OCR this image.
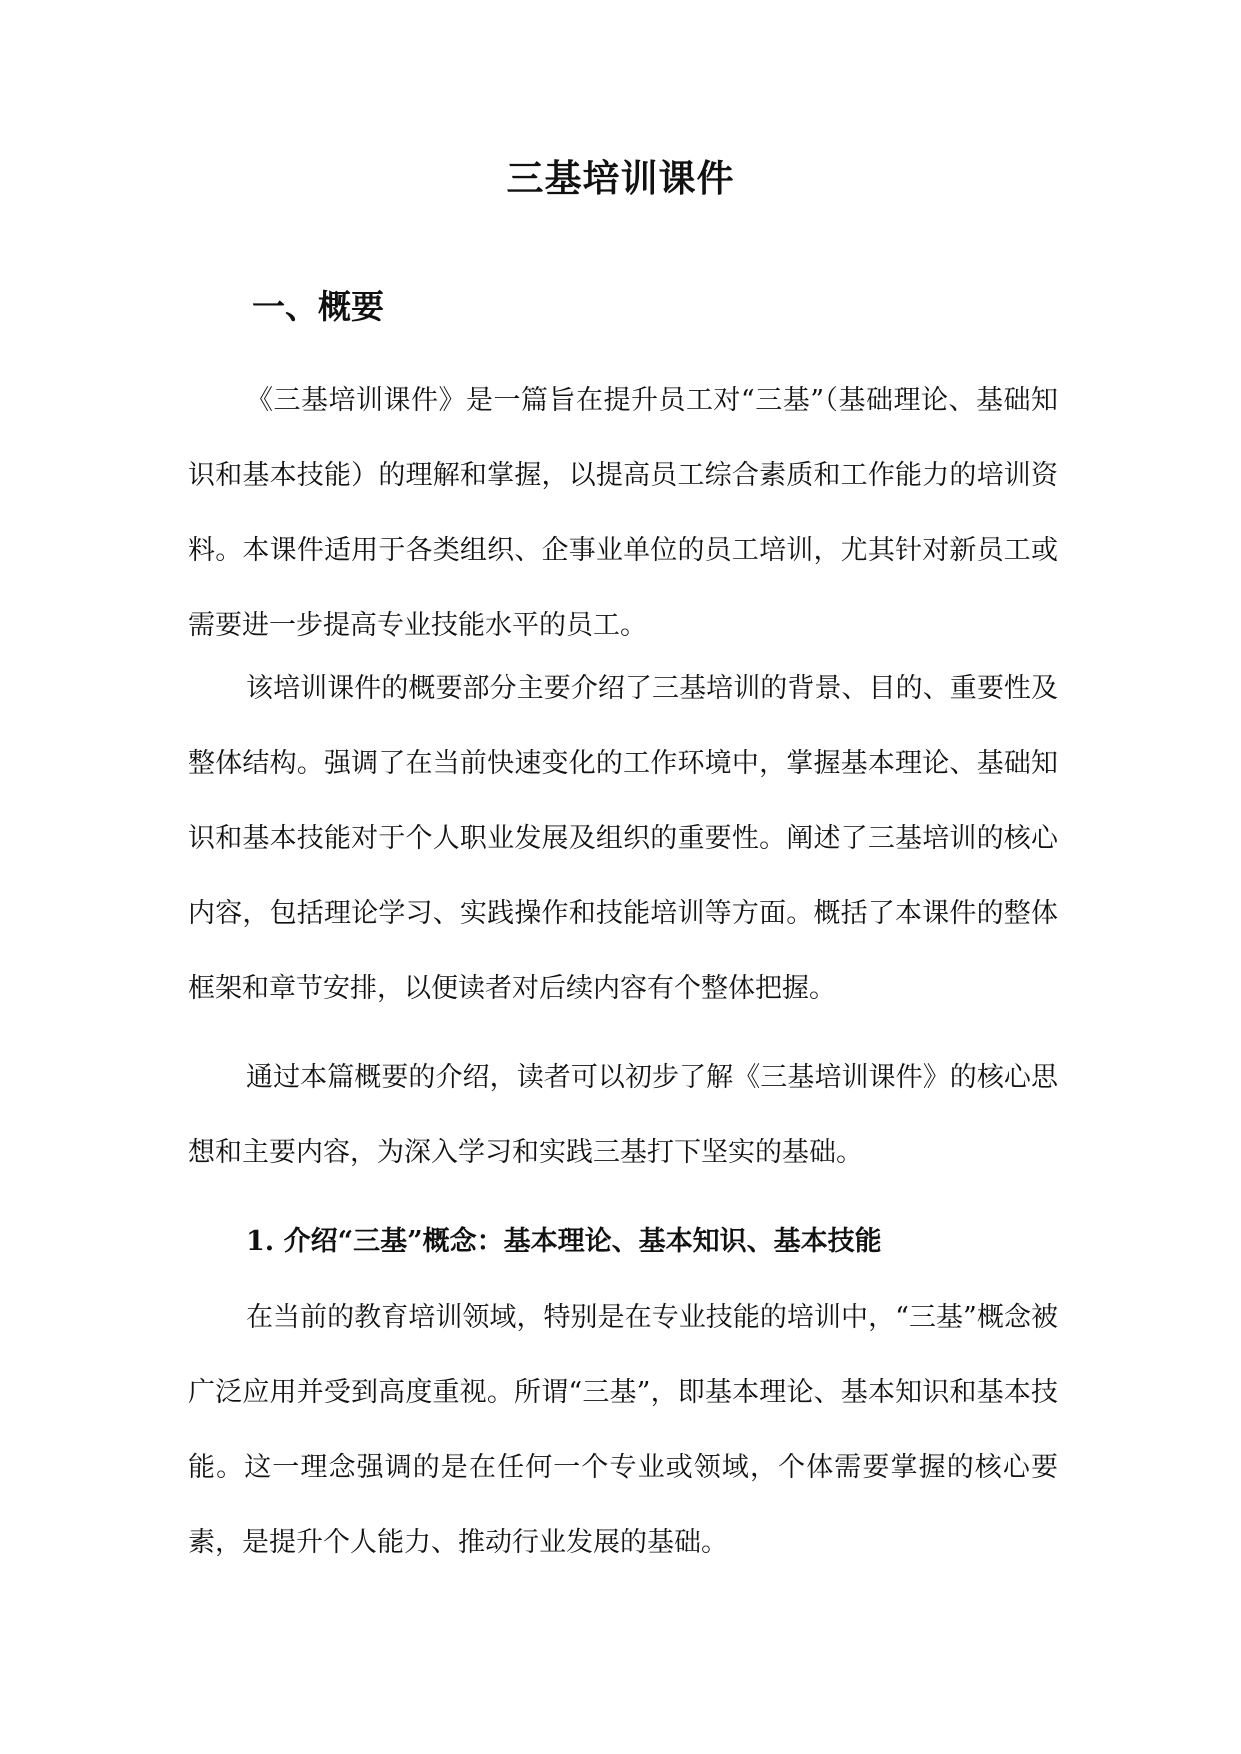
三基培训课件
一、概要

《三基培训课件》是一篇旨在提升员工对“三基”（基础理论、基础知识和基本技能）的理解和掌握，以提高员工综合素质和工作能力的培训资料。本课件适用于各类组织、企事业单位的员工培训，尤其针对新员工或需要进一步提高专业技能水平的员工。

该培训课件的概要部分主要介绍了三基培训的背景、目的、重要性及整体结构。强调了在当前快速变化的工作环境中，掌握基本理论、基础知识和基本技能对于个人职业发展及组织的重要性。阐述了三基培训的核心内容，包括理论学习、实践操作和技能培训等方面。概括了本课件的整体框架和章节安排，以便读者对后续内容有个整体把握。

通过本篇概要的介绍，读者可以初步了解《三基培训课件》的核心思想和主要内容，为深入学习和实践三基打下坚实的基础。

1. 介绍“三基”概念：基本理论、基本知识、基本技能

在当前的教育培训领域，特别是在专业技能的培训中，“三基”概念被广泛应用并受到高度重视。所谓“三基”，即基本理论、基本知识和基本技能。这一理念强调的是在任何一个专业或领域，个体需要掌握的核心要素，是提升个人能力、推动行业发展的基础。
